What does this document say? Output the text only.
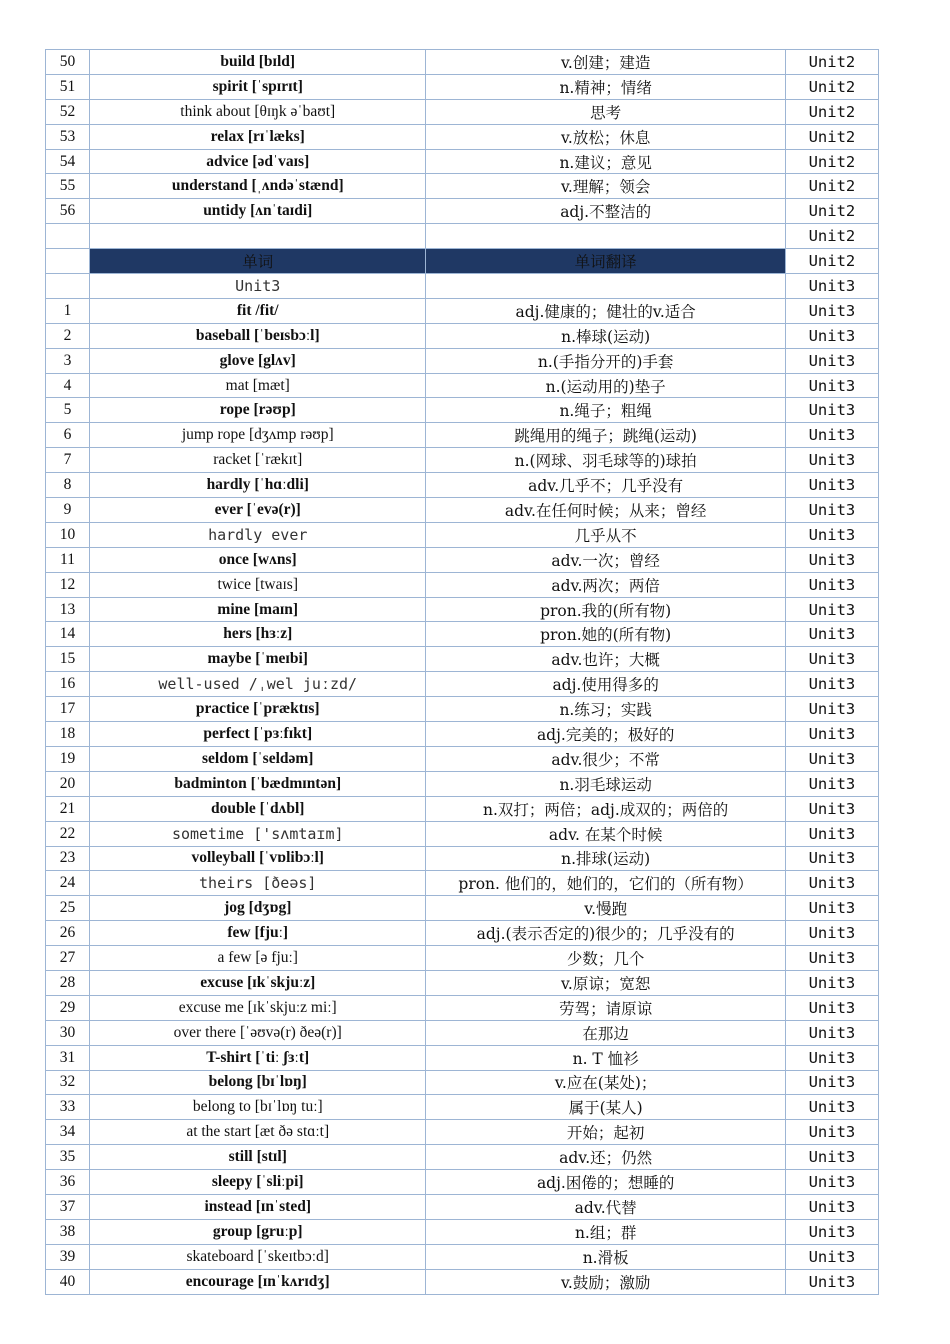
50	build [bɪld]	v.创建；建造	Unit2
51	spirit [ˈspɪrɪt]	n.精神；情绪	Unit2
52	think about [θɪŋk əˈbaʊt]	思考	Unit2
53	relax [rɪˈlæks]	v.放松；休息	Unit2
54	advice [ədˈvaɪs]	n.建议；意见	Unit2
55	understand [ˌʌndəˈstænd]	v.理解；领会	Unit2
56	untidy [ʌnˈtaɪdi]	adj.不整洁的	Unit2
			Unit2
	单词	单词翻译	Unit2
	Unit3		Unit3
1	fit /fit/	adj.健康的；健壮的v.适合	Unit3
2	baseball [ˈbeɪsbɔːl]	n.棒球(运动)	Unit3
3	glove [glʌv]	n.(手指分开的)手套	Unit3
4	mat [mæt]	n.(运动用的)垫子	Unit3
5	rope [rəʊp]	n.绳子；粗绳	Unit3
6	jump rope [dʒʌmp rəʊp]	跳绳用的绳子；跳绳(运动)	Unit3
7	racket [ˈrækɪt]	n.(网球、羽毛球等的)球拍	Unit3
8	hardly [ˈhɑːdli]	adv.几乎不；几乎没有	Unit3
9	ever [ˈevə(r)]	adv.在任何时候；从来；曾经	Unit3
10	hardly ever	几乎从不	Unit3
11	once [wʌns]	adv.一次；曾经	Unit3
12	twice [twaɪs]	adv.两次；两倍	Unit3
13	mine [maɪn]	pron.我的(所有物)	Unit3
14	hers [hɜːz]	pron.她的(所有物)	Unit3
15	maybe [ˈmeɪbi]	adv.也许；大概	Unit3
16	well-used /ˌwel juːzd/	adj.使用得多的	Unit3
17	practice [ˈpræktɪs]	n.练习；实践	Unit3
18	perfect [ˈpɜːfɪkt]	adj.完美的；极好的	Unit3
19	seldom [ˈseldəm]	adv.很少；不常	Unit3
20	badminton [ˈbædmɪntən]	n.羽毛球运动	Unit3
21	double [ˈdʌbl]	n.双打；两倍；adj.成双的；两倍的	Unit3
22	sometime ['sʌmtaɪm]	adv. 在某个时候	Unit3
23	volleyball [ˈvɒlibɔːl]	n.排球(运动)	Unit3
24	theirs [ðeəs]	pron. 他们的，她们的，它们的（所有物）	Unit3
25	jog [dʒɒg]	v.慢跑	Unit3
26	few [fjuː]	adj.(表示否定的)很少的；几乎没有的	Unit3
27	a few [ə fjuː]	少数；几个	Unit3
28	excuse [ɪkˈskjuːz]	v.原谅；宽恕	Unit3
29	excuse me [ɪkˈskjuːz miː]	劳驾；请原谅	Unit3
30	over there [ˈəʊvə(r) ðeə(r)]	在那边	Unit3
31	T-shirt [ˈtiː ʃɜːt]	n. T 恤衫	Unit3
32	belong [bɪˈlɒŋ]	v.应在(某处)；	Unit3
33	belong to [bɪˈlɒŋ tuː]	属于(某人)	Unit3
34	at the start [æt ðə stɑːt]	开始；起初	Unit3
35	still [stɪl]	adv.还；仍然	Unit3
36	sleepy [ˈsliːpi]	adj.困倦的；想睡的	Unit3
37	instead [ɪnˈsted]	adv.代替	Unit3
38	group [gruːp]	n.组；群	Unit3
39	skateboard [ˈskeɪtbɔːd]	n.滑板	Unit3
40	encourage [ɪnˈkʌrɪdʒ]	v.鼓励；激励	Unit3
